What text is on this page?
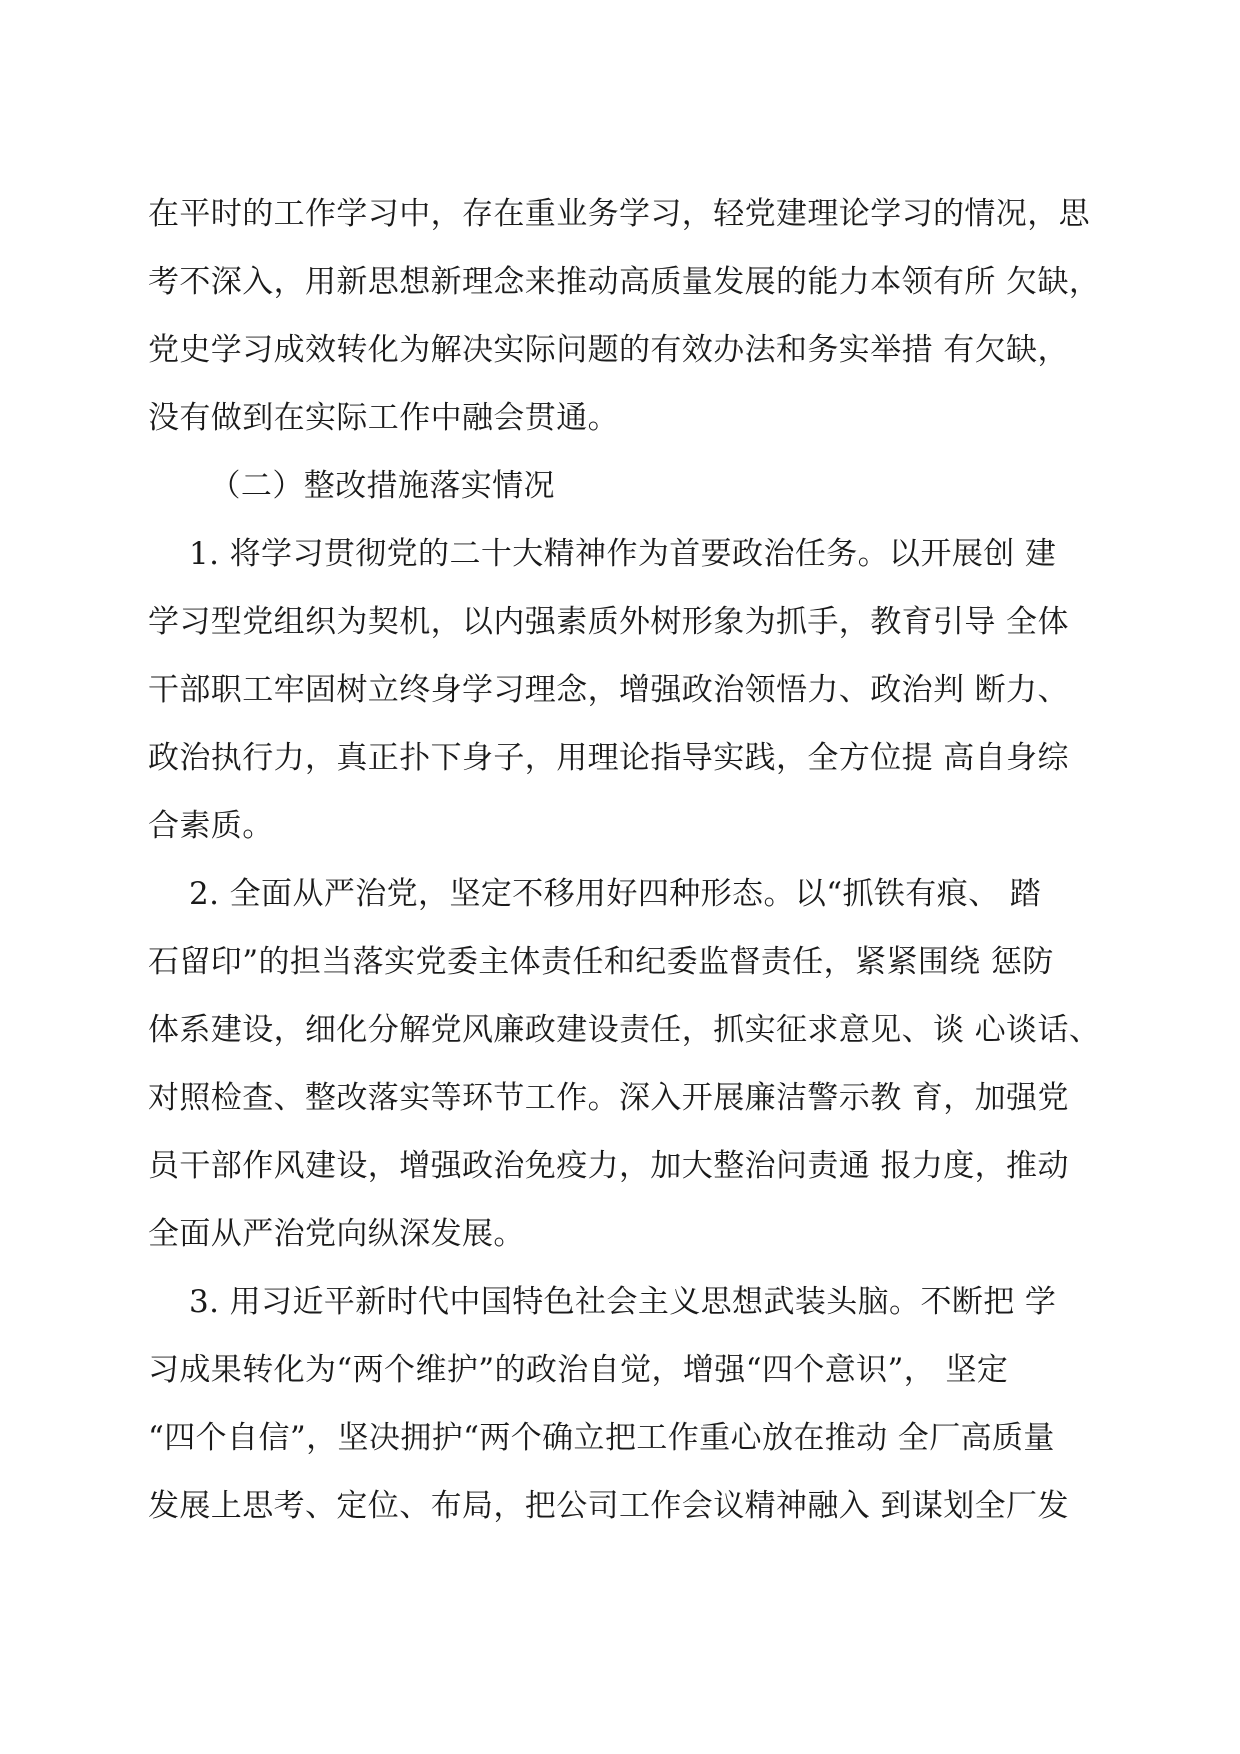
在平时的工作学习中，存在重业务学习，轻党建理论学习的情况，思
考不深入，用新思想新理念来推动高质量发展的能力本领有所 欠缺，
党史学习成效转化为解决实际问题的有效办法和务实举措 有欠缺，
没有做到在实际工作中融会贯通。
（二）整改措施落实情况
1. 将学习贯彻党的二十大精神作为首要政治任务。以开展创 建
学习型党组织为契机，以内强素质外树形象为抓手，教育引导 全体
干部职工牢固树立终身学习理念，增强政治领悟力、政治判 断力、
政治执行力，真正扑下身子，用理论指导实践，全方位提 高自身综
合素质。
2. 全面从严治党，坚定不移用好四种形态。以“抓铁有痕、 踏
石留印”的担当落实党委主体责任和纪委监督责任，紧紧围绕 惩防
体系建设，细化分解党风廉政建设责任，抓实征求意见、谈 心谈话、
对照检查、整改落实等环节工作。深入开展廉洁警示教 育，加强党
员干部作风建设，增强政治免疫力，加大整治问责通 报力度，推动
全面从严治党向纵深发展。
3. 用习近平新时代中国特色社会主义思想武装头脑。不断把 学
习成果转化为“两个维护”的政治自觉，增强“四个意识”， 坚定
“四个自信”，坚决拥护“两个确立把工作重心放在推动 全厂高质量
发展上思考、定位、布局，把公司工作会议精神融入 到谋划全厂发
